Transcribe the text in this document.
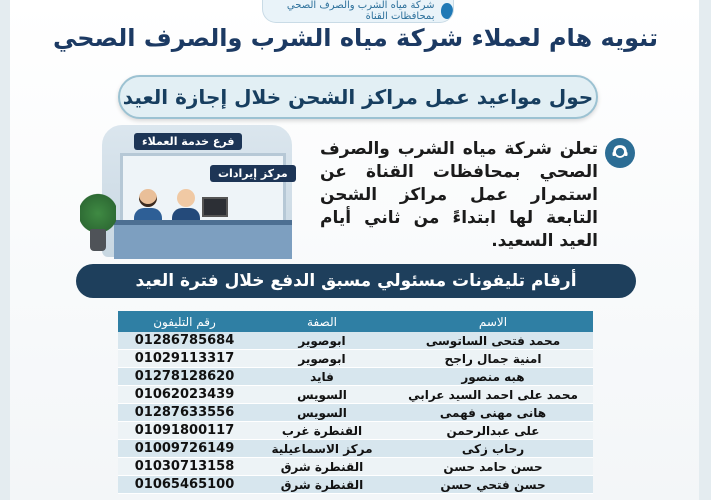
شركة مياه الشرب والصرف الصحي بمحافظات القناة
تنويه هام لعملاء شركة مياه الشرب والصرف الصحي
حول مواعيد عمل مراكز الشحن خلال إجازة العيد
فرع خدمة العملاء
مركز إيرادات

تعلن شركة مياه الشرب والصرف الصحي بمحافظات القناة عن استمرار عمل مراكز الشحن التابعة لها ابتداءً من ثاني أيام العيد السعيد.

أرقام تليفونات مسئولي مسبق الدفع خلال فترة العيد
الاسم	الصفة	رقم التليفون
محمد فتحى الساتوسى	ابوصوير	01286785684
امنية جمال راجح	ابوصوير	01029113317
هبه منصور	فايد	01278128620
محمد على احمد السيد عرابي	السويس	01062023439
هانى مهنى فهمى	السويس	01287633556
على عبدالرحمن	القنطرة غرب	01091800117
رحاب زكى	مركز الاسماعيلية	01009726149
حسن حامد حسن	القنطرة شرق	01030713158
حسن فتحي حسن	القنطرة شرق	01065465100
